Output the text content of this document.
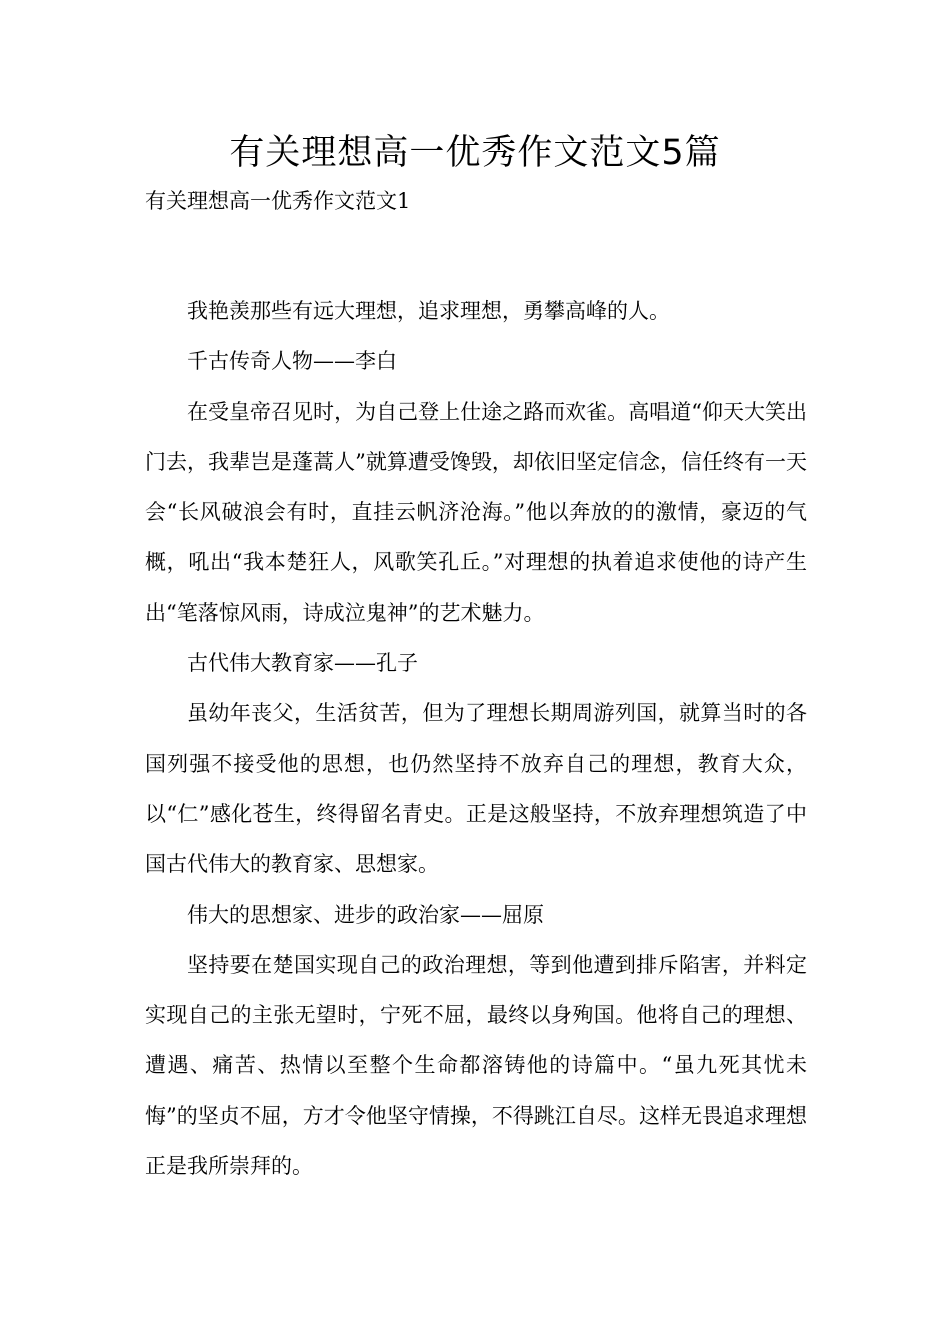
有关理想高一优秀作文范文5篇

有关理想高一优秀作文范文1

我艳羡那些有远大理想，追求理想，勇攀高峰的人。

千古传奇人物——李白

在受皇帝召见时，为自己登上仕途之路而欢雀。高唱道“仰天大笑出门去，我辈岂是蓬蒿人”就算遭受馋毁，却依旧坚定信念，信任终有一天会“长风破浪会有时，直挂云帆济沧海。”他以奔放的的激情，豪迈的气概，吼出“我本楚狂人，风歌笑孔丘。”对理想的执着追求使他的诗产生出“笔落惊风雨，诗成泣鬼神”的艺术魅力。

古代伟大教育家——孔子

虽幼年丧父，生活贫苦，但为了理想长期周游列国，就算当时的各国列强不接受他的思想，也仍然坚持不放弃自己的理想，教育大众，以“仁”感化苍生，终得留名青史。正是这般坚持，不放弃理想筑造了中国古代伟大的教育家、思想家。

伟大的思想家、进步的政治家——屈原

坚持要在楚国实现自己的政治理想，等到他遭到排斥陷害，并料定实现自己的主张无望时，宁死不屈，最终以身殉国。他将自己的理想、遭遇、痛苦、热情以至整个生命都溶铸他的诗篇中。“虽九死其忧未悔”的坚贞不屈，方才令他坚守情操，不得跳江自尽。这样无畏追求理想正是我所崇拜的。
